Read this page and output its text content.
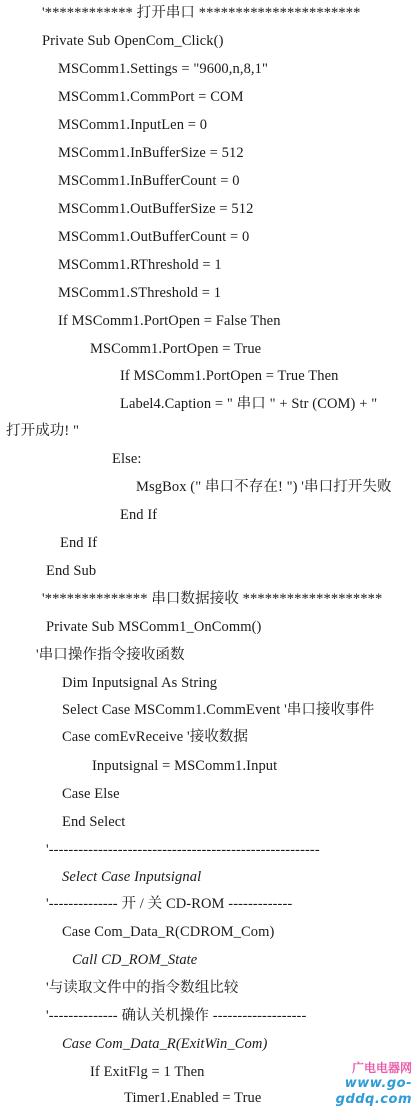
'************ 打开串口 **********************
Private Sub OpenCom_Click()
MSComm1.Settings = "9600,n,8,1"
MSComm1.CommPort = COM
MSComm1.InputLen = 0
MSComm1.InBufferSize = 512
MSComm1.InBufferCount = 0
MSComm1.OutBufferSize = 512
MSComm1.OutBufferCount = 0
MSComm1.RThreshold = 1
MSComm1.SThreshold = 1
If MSComm1.PortOpen = False Then
MSComm1.PortOpen = True
If MSComm1.PortOpen = True Then
Label4.Caption = " 串口 " + Str (COM) + "
打开成功! "
Else:
MsgBox (" 串口不存在! ") '串口打开失败
End If
End If
End Sub
'************** 串口数据接收 *******************
Private Sub MSComm1_OnComm()
'串口操作指令接收函数
Dim Inputsignal As String
Select Case MSComm1.CommEvent '串口接收事件
Case comEvReceive '接收数据
Inputsignal = MSComm1.Input
Case Else
End Select
'-------------------------------------------------------
Select Case Inputsignal
'-------------- 开 / 关 CD-ROM -------------
Case Com_Data_R(CDROM_Com)
Call CD_ROM_State
'与读取文件中的指令数组比较
'-------------- 确认关机操作 -------------------
Case Com_Data_R(ExitWin_Com)
If ExitFlg = 1 Then
Timer1.Enabled = True
广电电器网
www.go-gddq.com
